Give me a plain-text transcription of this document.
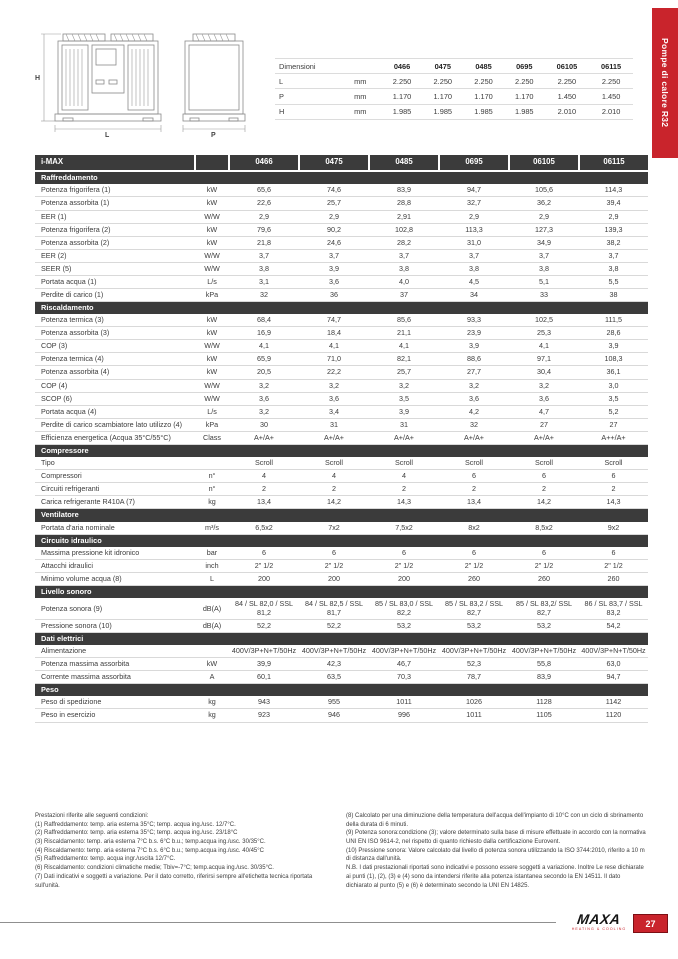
Pompe di calore R32
H
L	P
Dimensioni		0466	0475	0485	0695	06105	06115
L	mm	2.250	2.250	2.250	2.250	2.250	2.250
P	mm	1.170	1.170	1.170	1.170	1.450	1.450
H	mm	1.985	1.985	1.985	1.985	2.010	2.010
i-MAX		0466	0475	0485	0695	06105	06115
Raffreddamento							
Potenza frigorifera (1)	kW	65,6	74,6	83,9	94,7	105,6	114,3
Potenza assorbita (1)	kW	22,6	25,7	28,8	32,7	36,2	39,4
EER (1)	W/W	2,9	2,9	2,91	2,9	2,9	2,9
Potenza frigorifera (2)	kW	79,6	90,2	102,8	113,3	127,3	139,3
Potenza assorbita (2)	kW	21,8	24,6	28,2	31,0	34,9	38,2
EER (2)	W/W	3,7	3,7	3,7	3,7	3,7	3,7
SEER (5)	W/W	3,8	3,9	3,8	3,8	3,8	3,8
Portata acqua (1)	L/s	3,1	3,6	4,0	4,5	5,1	5,5
Perdite di carico (1)	kPa	32	36	37	34	33	38
Riscaldamento							
Potenza termica (3)	kW	68,4	74,7	85,6	93,3	102,5	111,5
Potenza assorbita (3)	kW	16,9	18,4	21,1	23,9	25,3	28,6
COP (3)	W/W	4,1	4,1	4,1	3,9	4,1	3,9
Potenza termica (4)	kW	65,9	71,0	82,1	88,6	97,1	108,3
Potenza assorbita (4)	kW	20,5	22,2	25,7	27,7	30,4	36,1
COP (4)	W/W	3,2	3,2	3,2	3,2	3,2	3,0
SCOP (6)	W/W	3,6	3,6	3,5	3,6	3,6	3,5
Portata acqua (4)	L/s	3,2	3,4	3,9	4,2	4,7	5,2
Perdite di carico scambiatore lato utilizzo (4)	kPa	30	31	31	32	27	27
Efficienza energetica (Acqua 35°C/55°C)	Class	A+/A+	A+/A+	A+/A+	A+/A+	A+/A+	A++/A+
Compressore							
Tipo		Scroll	Scroll	Scroll	Scroll	Scroll	Scroll
Compressori	n°	4	4	4	6	6	6
Circuiti refrigeranti	n°	2	2	2	2	2	2
Carica refrigerante R410A (7)	kg	13,4	14,2	14,3	13,4	14,2	14,3
Ventilatore							
Portata d'aria nominale	m³/s	6,5x2	7x2	7,5x2	8x2	8,5x2	9x2
Circuito idraulico							
Massima pressione kit idronico	bar	6	6	6	6	6	6
Attacchi idraulici	inch	2" 1/2	2" 1/2	2" 1/2	2" 1/2	2" 1/2	2" 1/2
Minimo volume acqua (8)	L	200	200	200	260	260	260
Livello sonoro							
Potenza sonora (9)	dB(A)	84 / SL 82,0 / SSL 81,2	84 / SL 82,5 / SSL 81,7	85 / SL 83,0 / SSL 82,2	85 / SL 83,2 / SSL 82,7	85 / SL 83,2/ SSL 82,7	86 / SL 83,7 / SSL 83,2
Pressione sonora (10)	dB(A)	52,2	52,2	53,2	53,2	53,2	54,2
Dati elettrici							
Alimentazione		400V/3P+N+T/50Hz	400V/3P+N+T/50Hz	400V/3P+N+T/50Hz	400V/3P+N+T/50Hz	400V/3P+N+T/50Hz	400V/3P+N+T/50Hz
Potenza massima assorbita	kW	39,9	42,3	46,7	52,3	55,8	63,0
Corrente massima assorbita	A	60,1	63,5	70,3	78,7	83,9	94,7
Peso							
Peso di spedizione	kg	943	955	1011	1026	1128	1142
Peso in esercizio	kg	923	946	996	1011	1105	1120

Prestazioni riferite alle seguenti condizioni:

(1) Raffreddamento: temp. aria esterna 35°C; temp. acqua ing./usc. 12/7°C.

(2) Raffreddamento: temp. aria esterna 35°C; temp. acqua ing./usc. 23/18°C

(3) Riscaldamento: temp. aria esterna 7°C b.s. 6°C b.u.; temp.acqua ing./usc. 30/35°C.

(4) Riscaldamento: temp. aria esterna 7°C b.s. 6°C b.u.; temp.acqua ing./usc. 40/45°C

(5) Raffreddamento: temp. acqua ingr./uscita 12/7°C.

(6) Riscaldamento: condizioni climatiche medie; Tbiv=-7°C; temp.acqua ing./usc. 30/35°C.

(7) Dati indicativi e soggetti a variazione. Per il dato corretto, riferirsi sempre all'etichetta tecnica riportata sull'unità.

(8) Calcolato per una diminuzione della temperatura dell'acqua dell'impianto di 10°C con un ciclo di sbrinamento della durata di 6 minuti.

(9) Potenza sonora:condizione (3); valore determinato sulla base di misure effettuate in accordo con la normativa UNI EN ISO 9614-2, nel rispetto di quanto richiesto dalla certificazione Eurovent.

(10) Pressione sonora: Valore calcolato dal livello di potenza sonora utilizzando la ISO 3744:2010, riferito a 10 m di distanza dall'unità.

N.B. I dati prestazionali riportati sono indicativi e possono essere soggetti a variazione. Inoltre Le rese dichiarate ai punti (1), (2), (3) e (4) sono da intendersi riferite alla potenza istantanea secondo la EN 14511. Il dato dichiarato al punto (5) e (6) è determinato secondo la UNI EN 14825.

MAXA
HEATING & COOLING
27
